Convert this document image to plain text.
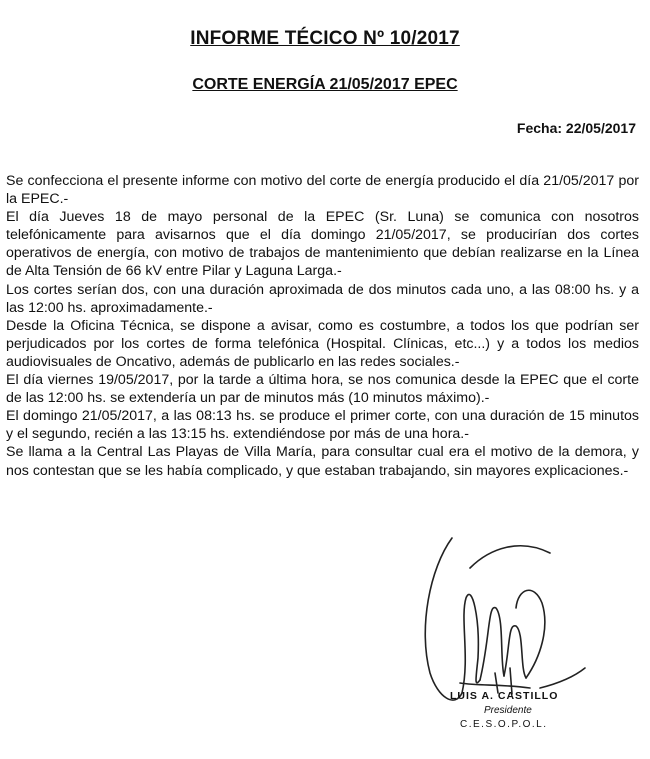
INFORME TÉCICO Nº 10/2017
CORTE ENERGÍA 21/05/2017 EPEC
Fecha: 22/05/2017

Se confecciona el presente informe con motivo del corte de energía producido el día 21/05/2017 por la EPEC.-

El día Jueves 18 de mayo personal de la EPEC (Sr. Luna) se comunica con nosotros telefónicamente para avisarnos que el día domingo 21/05/2017, se producirían dos cortes operativos de energía, con motivo de trabajos de mantenimiento que debían realizarse en la Línea de Alta Tensión de 66 kV entre Pilar y Laguna Larga.-

Los cortes serían dos, con una duración aproximada de dos minutos cada uno, a las 08:00 hs. y a las 12:00 hs. aproximadamente.-

Desde la Oficina Técnica, se dispone a avisar, como es costumbre, a todos los que podrían ser perjudicados por los cortes de forma telefónica (Hospital. Clínicas, etc...) y a todos los medios audiovisuales de Oncativo, además de publicarlo en las redes sociales.-

El día viernes 19/05/2017, por la tarde a última hora, se nos comunica desde la EPEC que el corte de las 12:00 hs. se extendería un par de minutos más (10 minutos máximo).-

El domingo 21/05/2017, a las 08:13 hs. se produce el primer corte, con una duración de 15 minutos y el segundo, recién a las 13:15 hs. extendiéndose por más de una hora.-

Se llama a la Central Las Playas de Villa María, para consultar cual era el motivo de la demora, y nos contestan que se les había complicado, y que estaban trabajando, sin mayores explicaciones.-

LUIS A. CASTILLO
Presidente
C.E.S.O.P.O.L.
